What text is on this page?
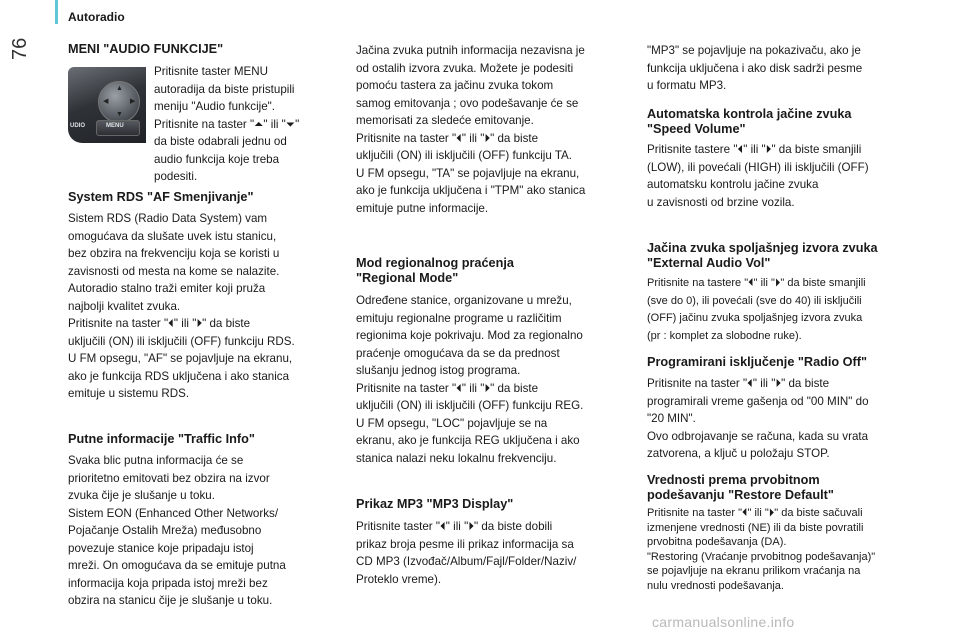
Autoradio
76	MENI "AUDIO FUNKCIJE"
▲
▼
◀	▶
UDIO	MENU
Pritisnite taster MENU
autoradija da biste pristupili
meniju "Audio funkcije".
Pritisnite na taster "⏶" ili "⏷"
da biste odabrali jednu od
audio funkcija koje treba
podesiti.
System RDS "AF Smenjivanje"
Sistem RDS (Radio Data System) vam
omogućava da slušate uvek istu stanicu,
bez obzira na frekvenciju koja se koristi u
zavisnosti od mesta na kome se nalazite.
Autoradio stalno traži emiter koji pruža
najbolji kvalitet zvuka.
Pritisnite na taster "⏴" ili "⏵" da biste
uključili (ON) ili isključili (OFF) funkciju RDS.
U FM opsegu, "AF" se pojavljuje na ekranu,
ako je funkcija RDS uključena i ako stanica
emituje u sistemu RDS.
Putne informacije "Traffic Info"
Svaka blic putna informacija će se
prioritetno emitovati bez obzira na izvor
zvuka čije je slušanje u toku.
Sistem EON (Enhanced Other Networks/
Pojačanje Ostalih Mreža) međusobno
povezuje stanice koje pripadaju istoj
mreži. On omogućava da se emituje putna
informacija koja pripada istoj mreži bez
obzira na stanicu čije je slušanje u toku.
Jačina zvuka putnih informacija nezavisna je
od ostalih izvora zvuka. Možete je podesiti
pomoću tastera za jačinu zvuka tokom
samog emitovanja ; ovo podešavanje će se
memorisati za sledeće emitovanje.
Pritisnite na taster "⏴" ili "⏵" da biste
uključili (ON) ili isključili (OFF) funkciju TA.
U FM opsegu, "TA" se pojavljuje na ekranu,
ako je funkcija uključena i "TPM" ako stanica
emituje putne informacije.
Mod regionalnog praćenja
"Regional Mode"
Određene stanice, organizovane u mrežu,
emituju regionalne programe u različitim
regionima koje pokrivaju. Mod za regionalno
praćenje omogućava da se da prednost
slušanju jednog istog programa.
Pritisnite na taster "⏴" ili "⏵" da biste
uključili (ON) ili isključili (OFF) funkciju REG.
U FM opsegu, "LOC" pojavljuje se na
ekranu, ako je funkcija REG uključena i ako
stanica nalazi neku lokalnu frekvenciju.
Prikaz MP3 "MP3 Display"
Pritisnite taster "⏴" ili "⏵" da biste dobili
prikaz broja pesme ili prikaz informacija sa
CD MP3 (Izvođač/Album/Fajl/Folder/Naziv/
Proteklo vreme).
"MP3" se pojavljuje na pokazivaču, ako je
funkcija uključena i ako disk sadrži pesme
u formatu MP3.
Automatska kontrola jačine zvuka
"Speed Volume"
Pritisnite tastere "⏴" ili "⏵" da biste smanjili
(LOW), ili povećali (HIGH) ili isključili (OFF)
automatsku kontrolu jačine zvuka
u zavisnosti od brzine vozila.
Jačina zvuka spoljašnjeg izvora zvuka
"External Audio Vol"
Pritisnite na tastere "⏴" ili "⏵" da biste smanjili
(sve do 0), ili povećali (sve do 40) ili isključili
(OFF) jačinu zvuka spoljašnjeg izvora zvuka
(pr : komplet za slobodne ruke).
Programirani isključenje "Radio Off"
Pritisnite na taster "⏴" ili "⏵" da biste
programirali vreme gašenja od "00 MIN" do
"20 MIN".
Ovo odbrojavanje se računa, kada su vrata
zatvorena, a ključ u položaju STOP.
Vrednosti prema prvobitnom
podešavanju "Restore Default"
Pritisnite na taster "⏴" ili "⏵" da biste sačuvali
izmenjene vrednosti (NE) ili da biste povratili
prvobitna podešavanja (DA).
"Restoring (Vraćanje prvobitnog podešavanja)"
se pojavljuje na ekranu prilikom vraćanja na
nulu vrednosti podešavanja.
carmanualsonline.info
